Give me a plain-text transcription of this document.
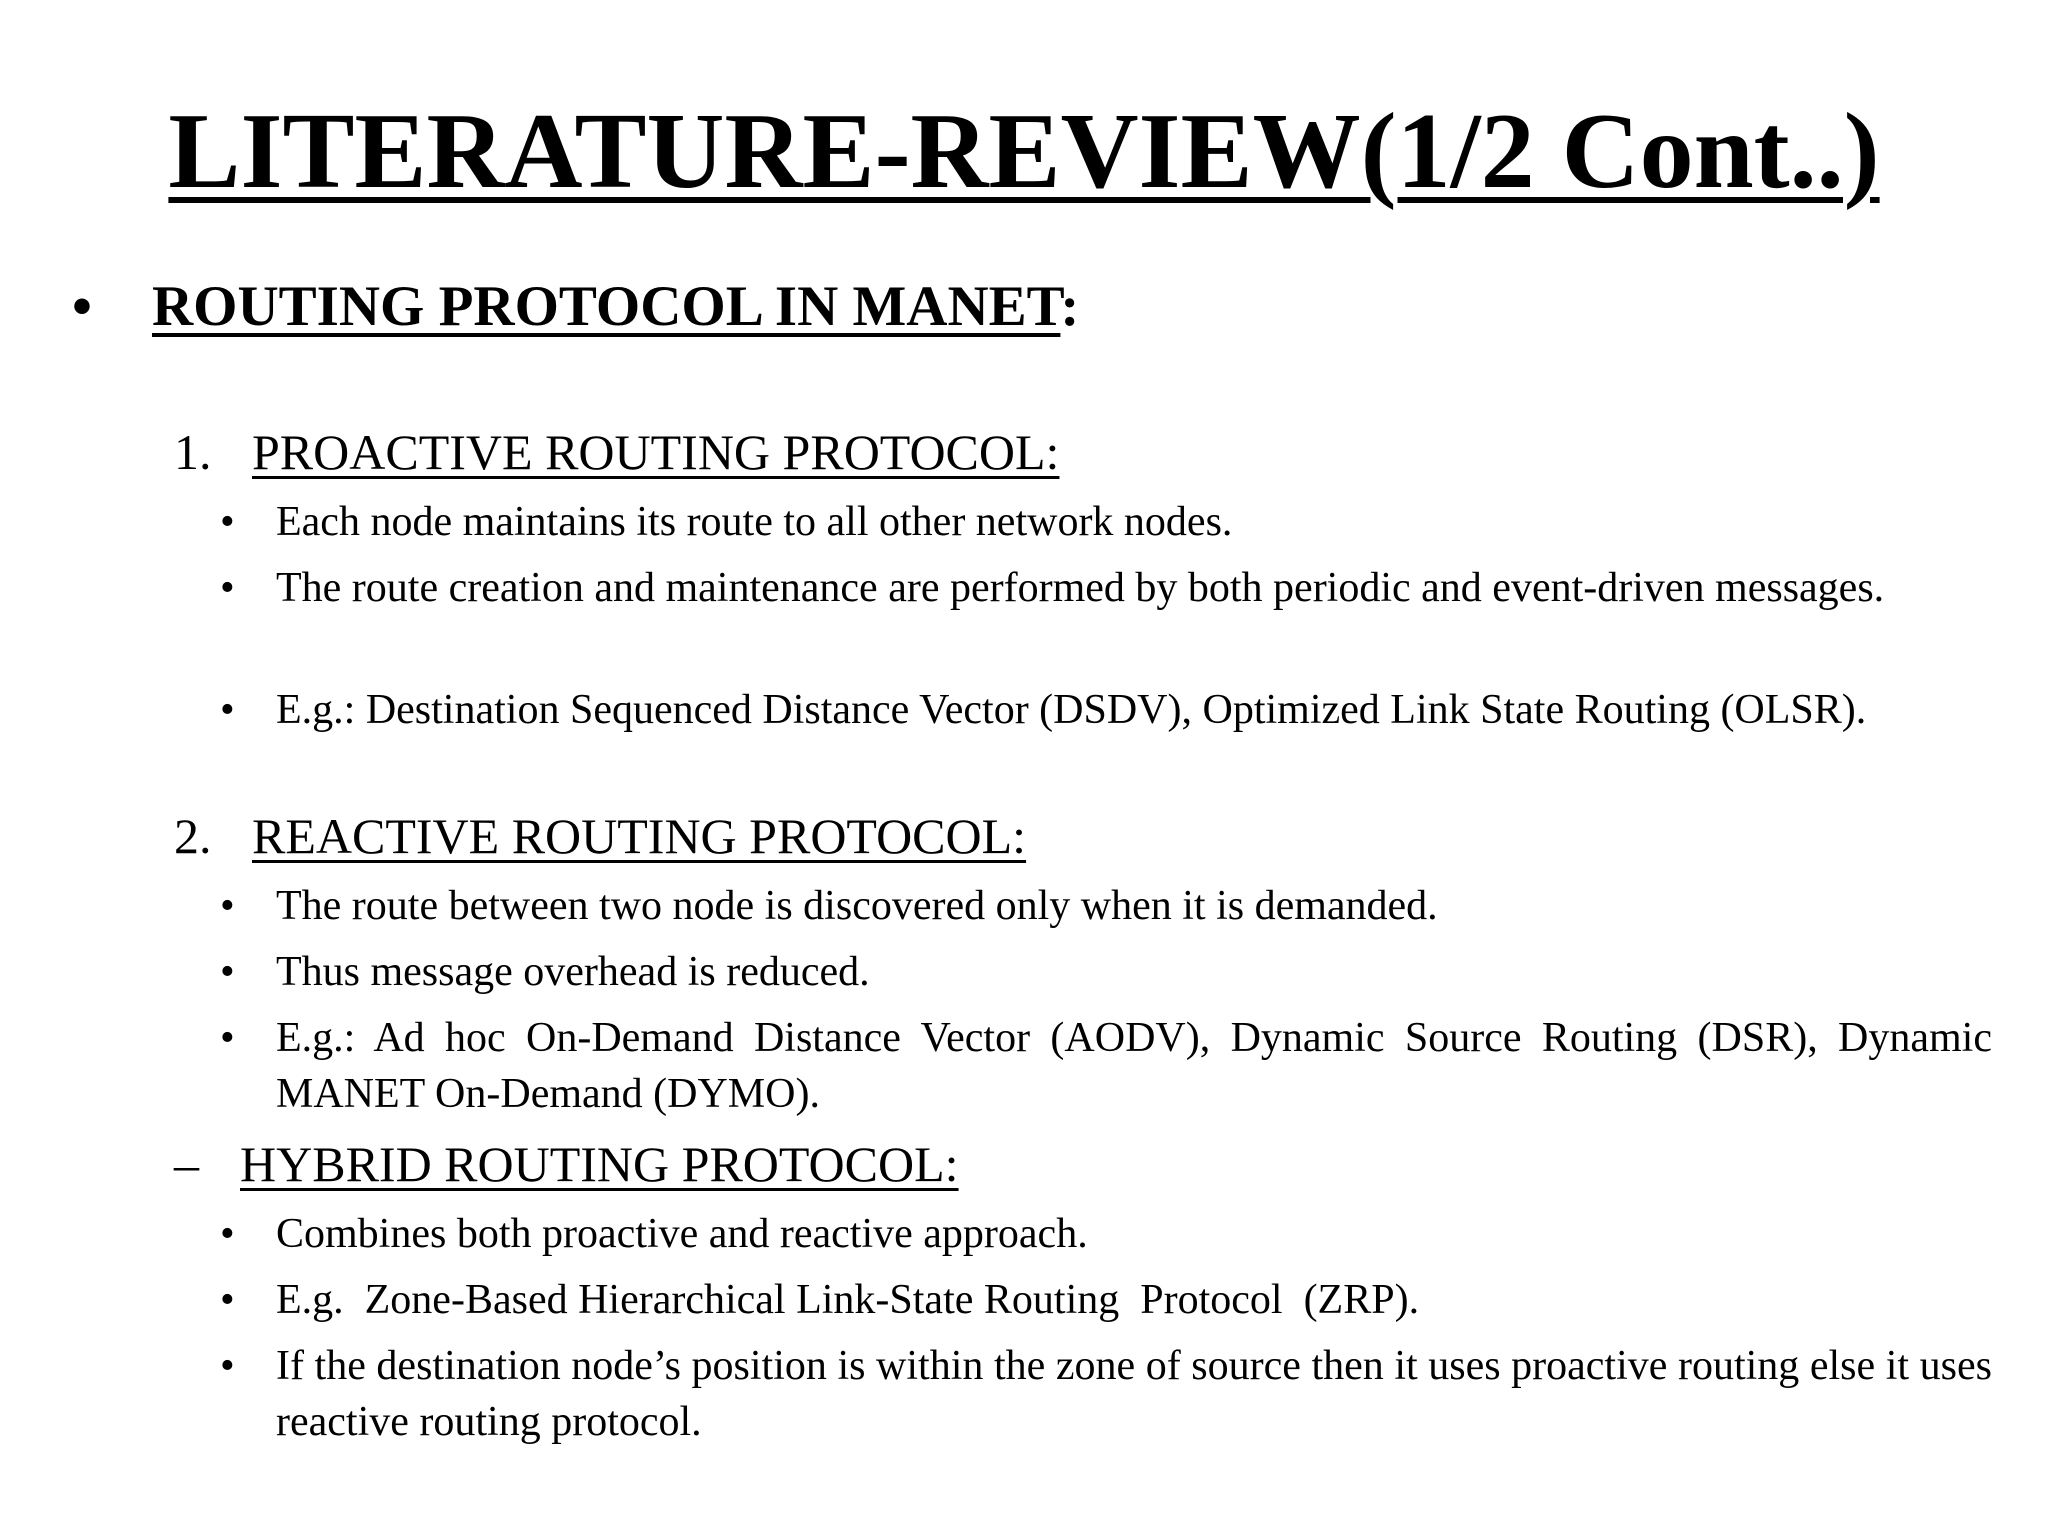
LITERATURE-REVIEW(1/2 Cont..)
• ROUTING PROTOCOL IN MANET:
1. PROACTIVE ROUTING PROTOCOL:
• Each node maintains its route to all other network nodes.
• The route creation and maintenance are performed by both periodic and event-driven messages.
• E.g.: Destination Sequenced Distance Vector (DSDV), Optimized Link State Routing (OLSR).
2. REACTIVE ROUTING PROTOCOL:
• The route between two node is discovered only when it is demanded.
• Thus message overhead is reduced.
• E.g.: Ad hoc On-Demand Distance Vector (AODV), Dynamic Source Routing (DSR), Dynamic MANET On-Demand (DYMO).
– HYBRID ROUTING PROTOCOL:
• Combines both proactive and reactive approach.
• E.g.  Zone-Based Hierarchical Link-State Routing  Protocol  (ZRP).
• If the destination node’s position is within the zone of source then it uses proactive routing else it uses reactive routing protocol.
